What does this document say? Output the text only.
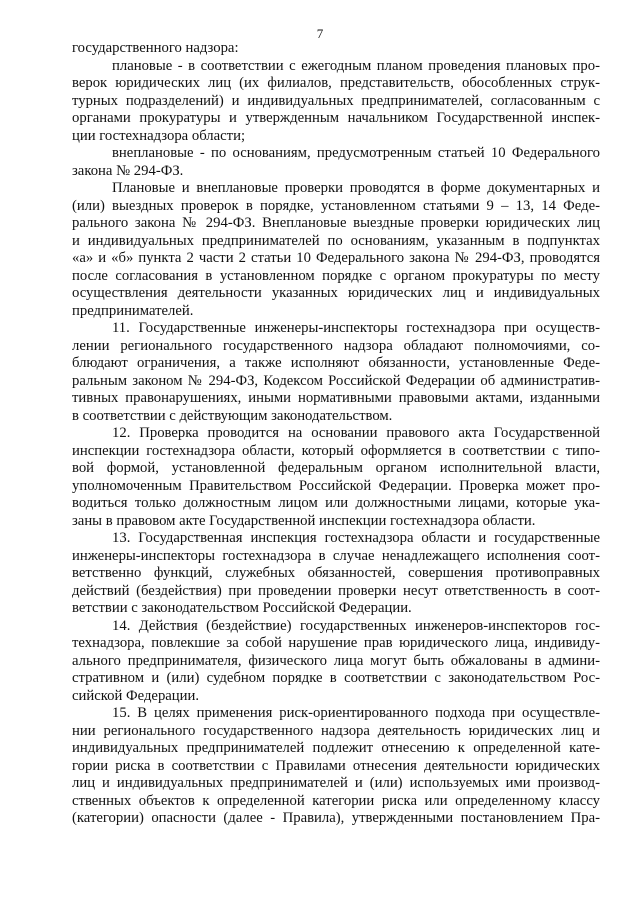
7
государственного надзора:
плановые - в соответствии с ежегодным планом проведения плановых про-
верок юридических лиц (их филиалов, представительств, обособленных струк-
турных подразделений) и индивидуальных предпринимателей, согласованным с
органами прокуратуры и утвержденным начальником Государственной инспек-
ции гостехнадзора области;
внеплановые - по основаниям, предусмотренным статьей 10 Федерального
закона № 294-ФЗ.
Плановые и внеплановые проверки проводятся в форме документарных и
(или) выездных проверок в порядке, установленном статьями 9 – 13, 14 Феде-
рального закона № 294-ФЗ. Внеплановые выездные проверки юридических лиц
и индивидуальных предпринимателей по основаниям, указанным в подпунктах
«а» и «б» пункта 2 части 2 статьи 10 Федерального закона № 294-ФЗ, проводятся
после согласования в установленном порядке с органом прокуратуры по месту
осуществления деятельности указанных юридических лиц и индивидуальных
предпринимателей.
11. Государственные инженеры-инспекторы гостехнадзора при осуществ-
лении регионального государственного надзора обладают полномочиями, со-
блюдают ограничения, а также исполняют обязанности, установленные Феде-
ральным законом № 294-ФЗ, Кодексом Российской Федерации об административ-
тивных правонарушениях, иными нормативными правовыми актами, изданными
в соответствии с действующим законодательством.
12. Проверка проводится на основании правового акта Государственной
инспекции гостехнадзора области, который оформляется в соответствии с типо-
вой формой, установленной федеральным органом исполнительной власти,
уполномоченным Правительством Российской Федерации. Проверка может про-
водиться только должностным лицом или должностными лицами, которые ука-
заны в правовом акте Государственной инспекции гостехнадзора области.
13. Государственная инспекция гостехнадзора области и государственные
инженеры-инспекторы гостехнадзора в случае ненадлежащего исполнения соот-
ветственно функций, служебных обязанностей, совершения противоправных
действий (бездействия) при проведении проверки несут ответственность в соот-
ветствии с законодательством Российской Федерации.
14. Действия (бездействие) государственных инженеров-инспекторов гос-
технадзора, повлекшие за собой нарушение прав юридического лица, индивиду-
ального предпринимателя, физического лица могут быть обжалованы в админи-
стративном и (или) судебном порядке в соответствии с законодательством Рос-
сийской Федерации.
15. В целях применения риск-ориентированного подхода при осуществле-
нии регионального государственного надзора деятельность юридических лиц и
индивидуальных предпринимателей подлежит отнесению к определенной кате-
гории риска в соответствии с Правилами отнесения деятельности юридических
лиц и индивидуальных предпринимателей и (или) используемых ими производ-
ственных объектов к определенной категории риска или определенному классу
(категории) опасности (далее - Правила), утвержденными постановлением Пра-
